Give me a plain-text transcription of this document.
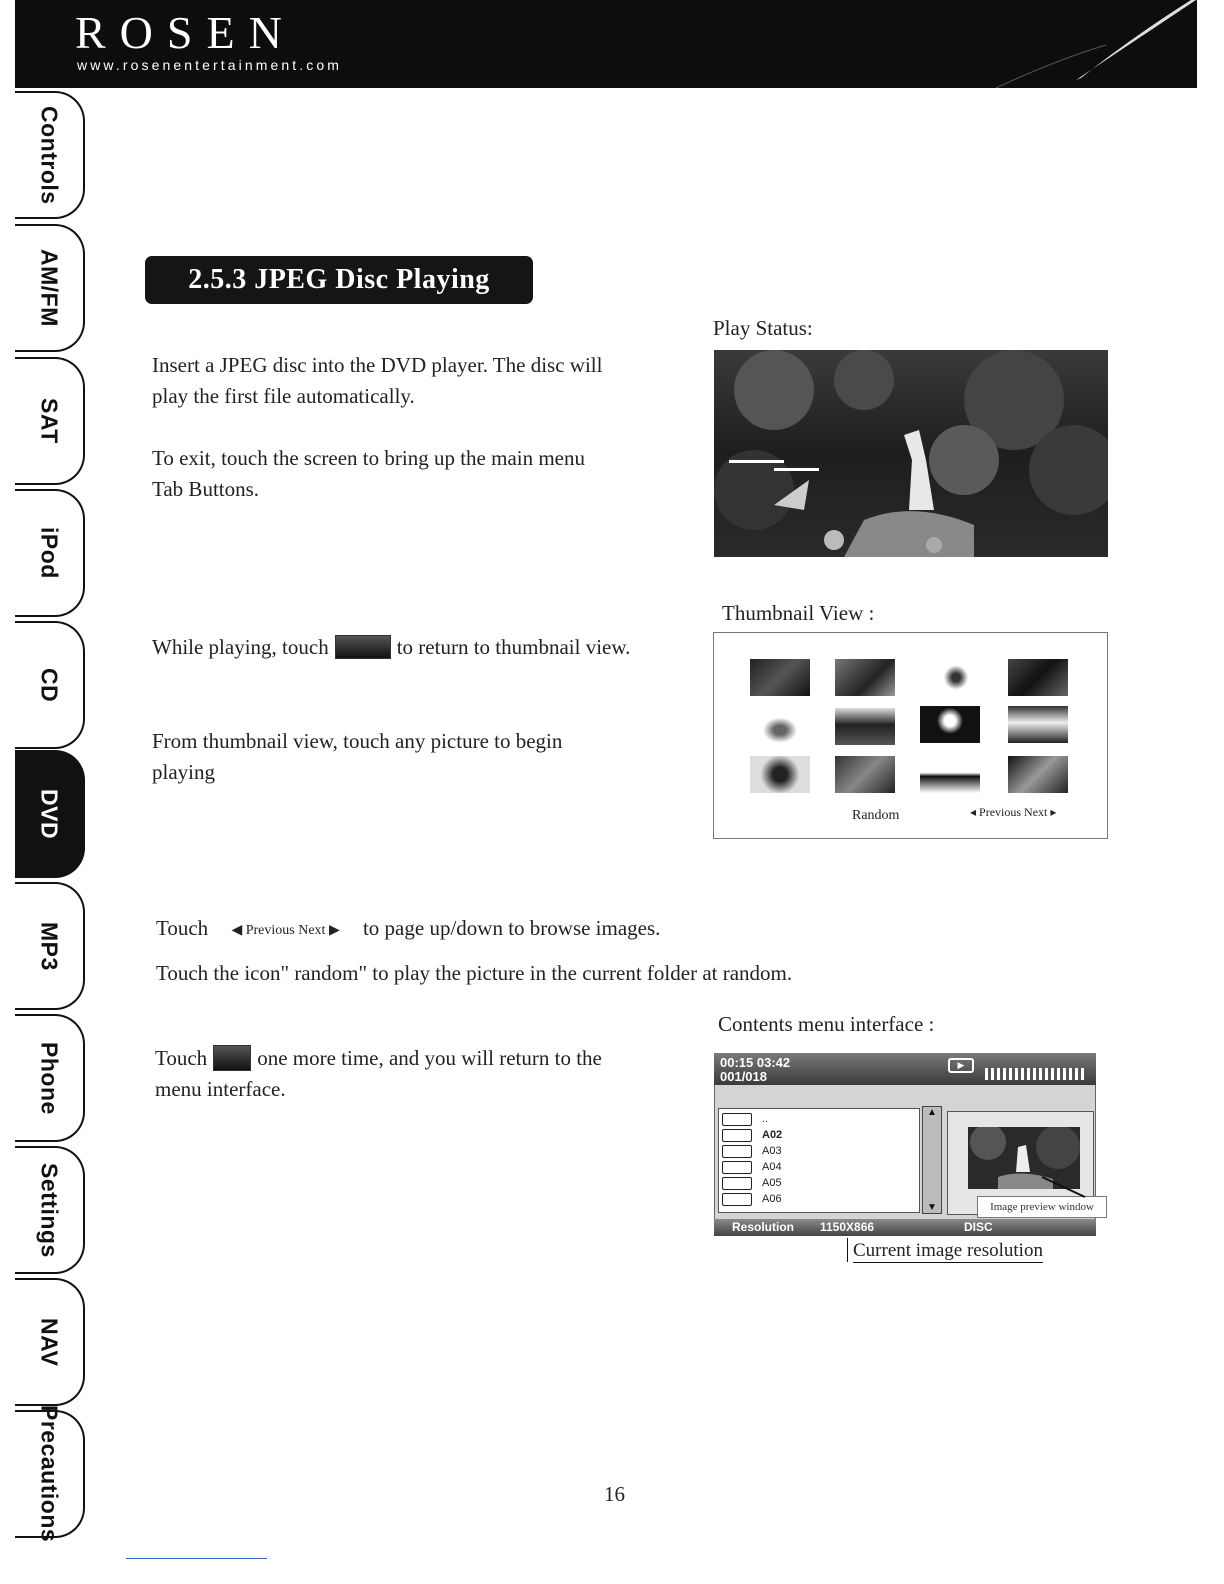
ROSEN
www.rosenentertainment.com
Controls
AM/FM
SAT
iPod
CD
DVD
MP3
Phone
Settings
NAV
Precautions
2.5.3 JPEG Disc Playing
Insert a JPEG disc into the DVD player. The disc will play the first file automatically.
To exit, touch the screen to bring up the main menu Tab Buttons.
While playing, touch	to return to thumbnail view.
From thumbnail view, touch any picture to begin playing
Touch ◀ Previous Next ▶ to page up/down to browse images.
Touch the icon" random" to play the picture in the current folder at random.
Touch one more time, and you will return to the menu interface.
Play Status:
Thumbnail View :
Random	◂ Previous Next ▸
Contents menu interface :
00:15 03:42
001/018
▶
..
A02
A03
A04
A05
A06
▲
▼	Image preview window
Resolution 1150X866	DISC
Current image resolution
16
